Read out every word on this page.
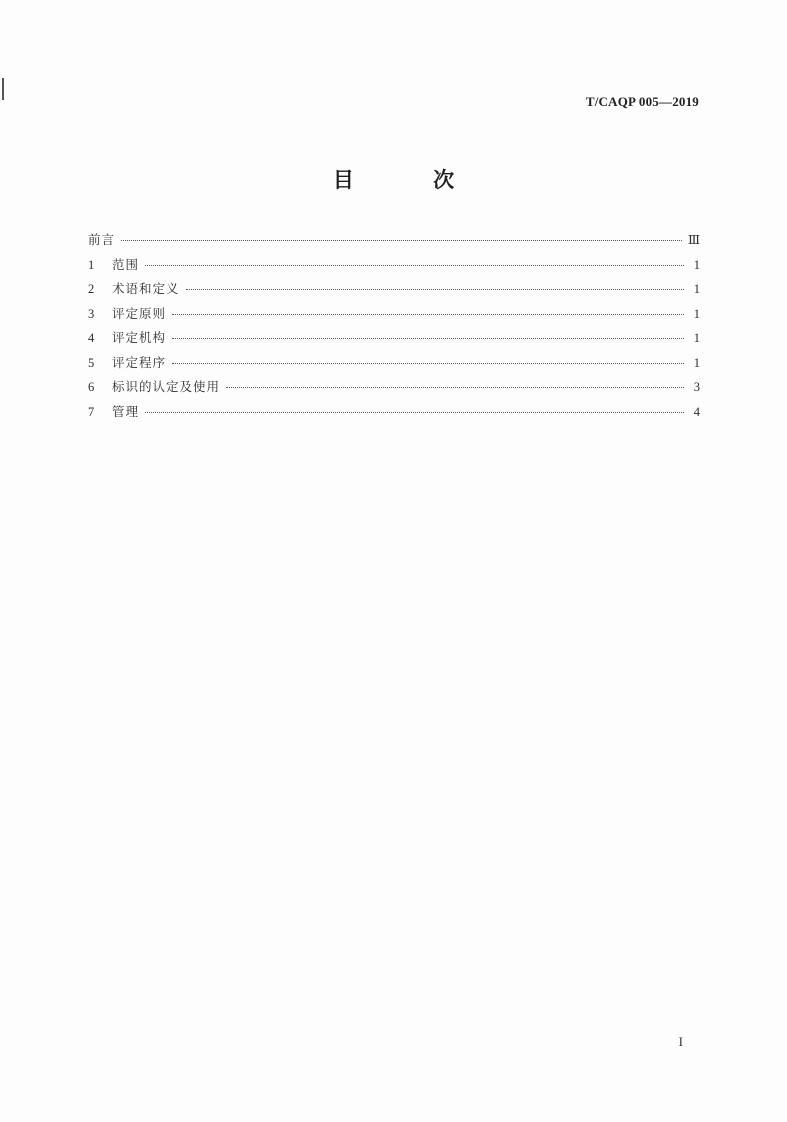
T/CAQP 005—2019
目 次
前言	Ⅲ
1	范围	1
2	术语和定义	1
3	评定原则	1
4	评定机构	1
5	评定程序	1
6	标识的认定及使用	3
7	管理	4
I
